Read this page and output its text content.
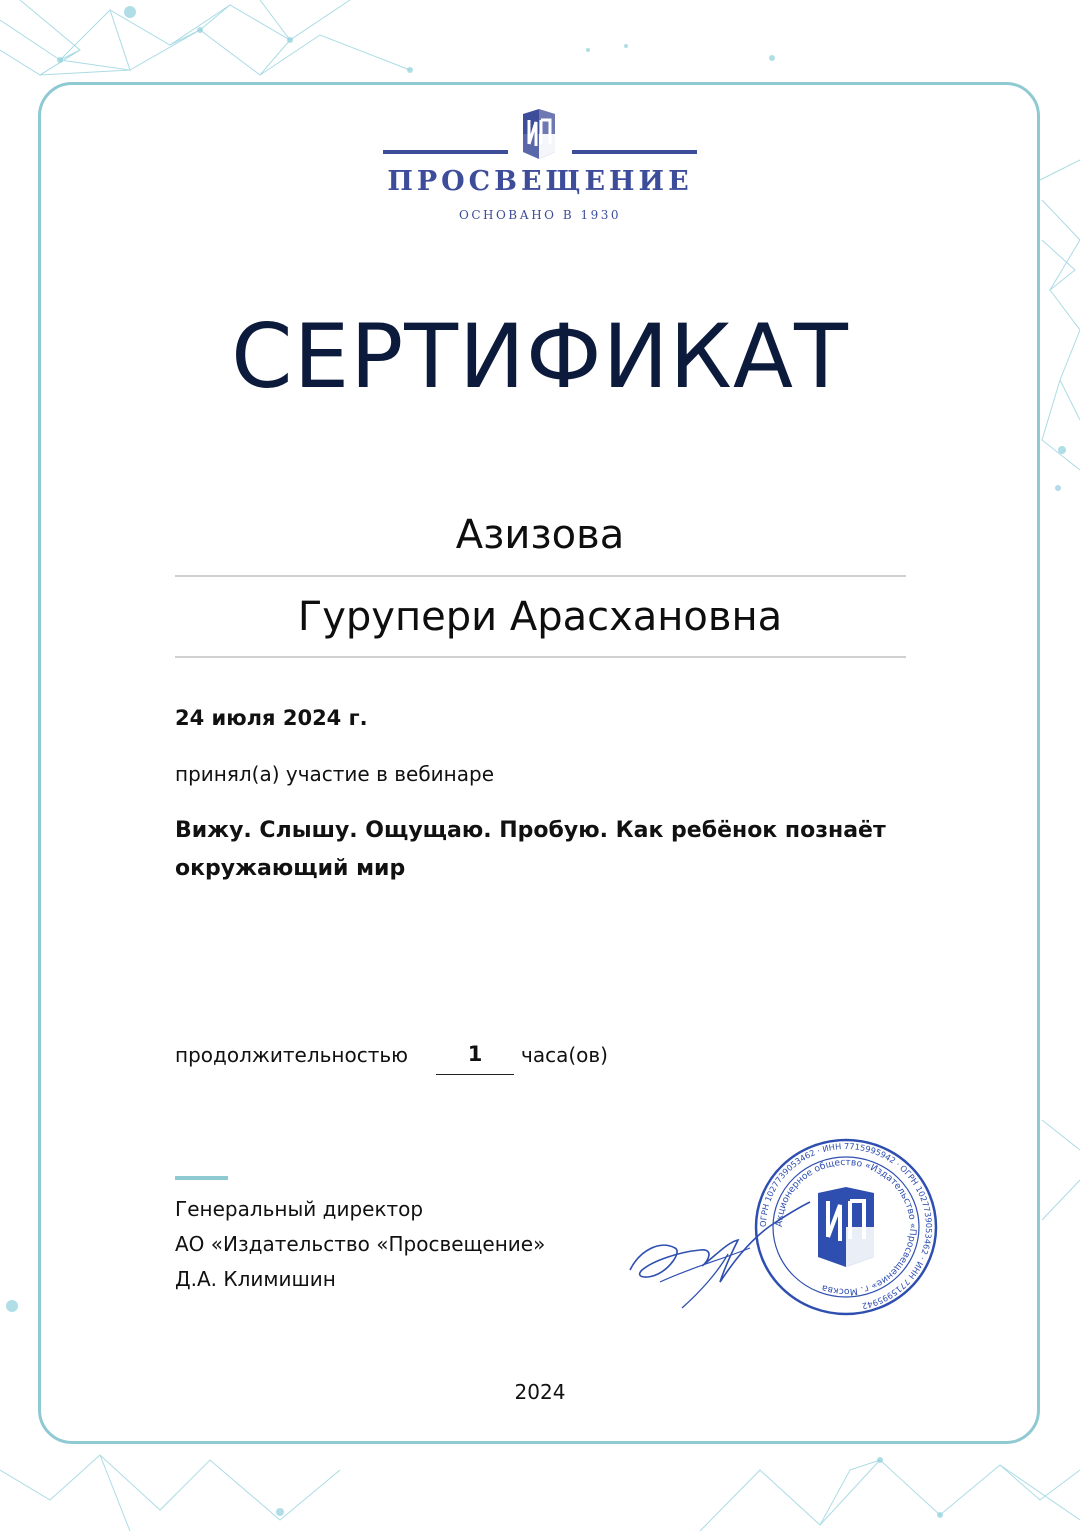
ПРОСВЕЩЕНИЕ
ОСНОВАНО В 1930
СЕРТИФИКАТ
Азизова
Гурупери Арасхановна
24 июля 2024 г.
принял(а) участие в вебинаре
Вижу. Слышу. Ощущаю. Пробую. Как ребёнок познаёт окружающий мир
продолжительностью	1	часа(ов)
Генеральный директор
АО «Издательство «Просвещение»
Д.А. Климишин
ОГРН 1027739053462 · ИНН 7715995942 · ОГРН 1027739053462 · ИНН 7715995942
Акционерное общество «Издательство «Просвещение» г. Москва
2024
